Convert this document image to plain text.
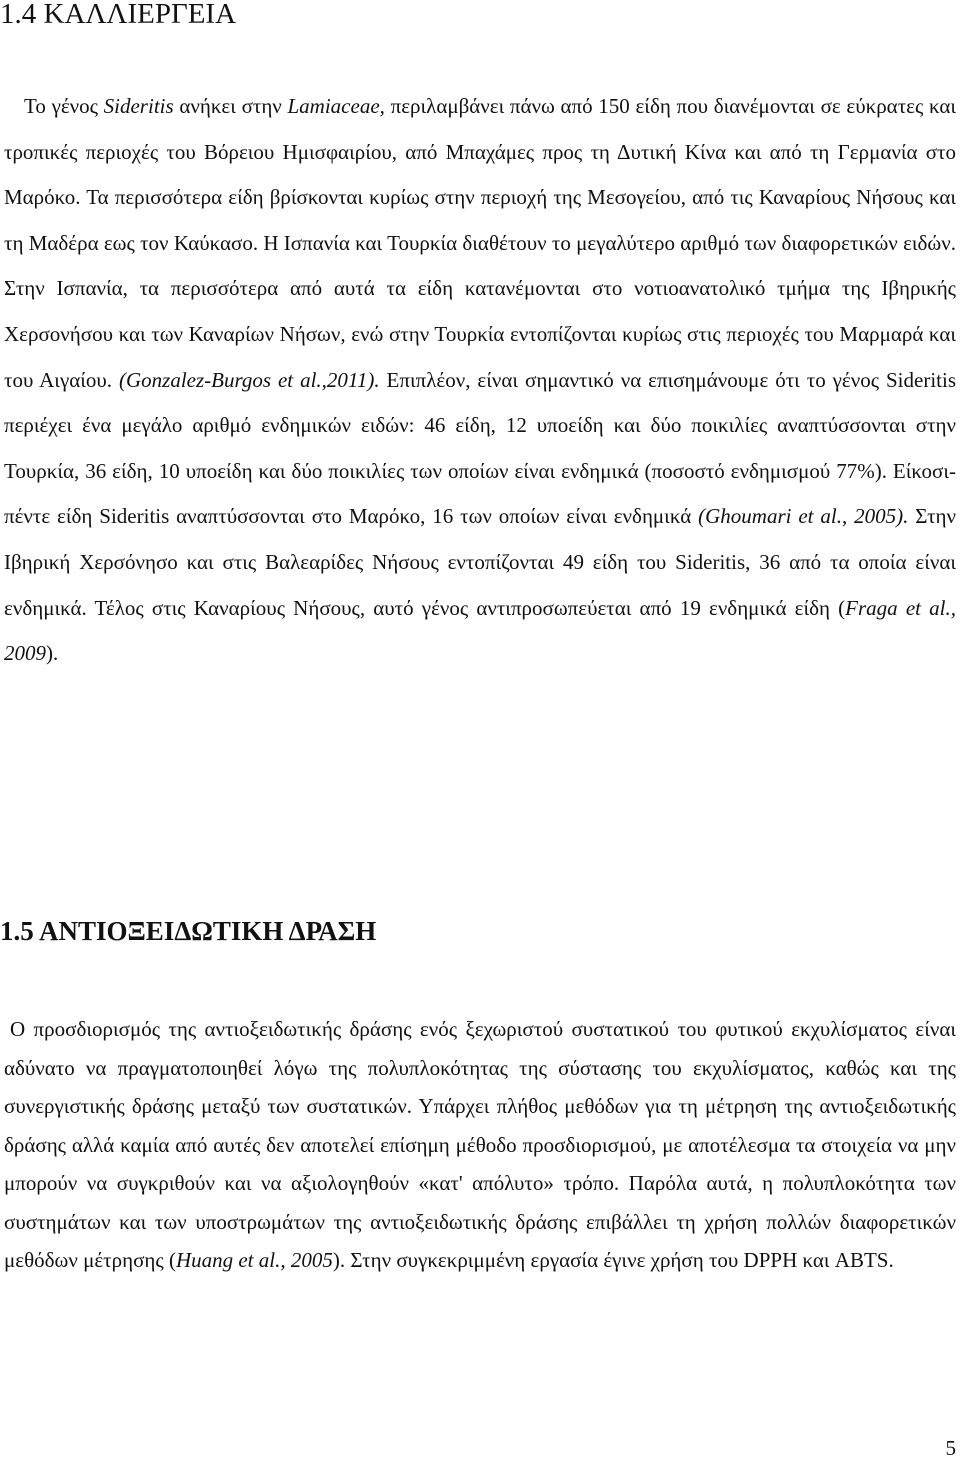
1.4 ΚΑΛΛΙΕΡΓΕΙΑ

Το γένος Sideritis ανήκει στην Lamiaceae, περιλαμβάνει πάνω από 150 είδη που διανέμονται σε εύκρατες και τροπικές περιοχές του Βόρειου Ημισφαιρίου, από Μπαχάμες προς τη Δυτική Κίνα και από τη Γερμανία στο Μαρόκο. Τα περισσότερα είδη βρίσκονται κυρίως στην περιοχή της Μεσογείου, από τις Καναρίους Νήσους και τη Μαδέρα εως τον Καύκασο. Η Ισπανία και Τουρκία διαθέτουν το μεγαλύτερο αριθμό των διαφορετικών ειδών. Στην Ισπανία, τα περισσότερα από αυτά τα είδη κατανέμονται στο νοτιοανατολικό τμήμα της Ιβηρικής Χερσονήσου και των Καναρίων Νήσων, ενώ στην Τουρκία εντοπίζονται κυρίως στις περιοχές του Μαρμαρά και του Αιγαίου. (Gonzalez-Burgos et al.,2011). Επιπλέον, είναι σημαντικό να επισημάνουμε ότι το γένος Sideritis περιέχει ένα μεγάλο αριθμό ενδημικών ειδών: 46 είδη, 12 υποείδη και δύο ποικιλίες αναπτύσσονται στην Τουρκία, 36 είδη, 10 υποείδη και δύο ποικιλίες των οποίων είναι ενδημικά (ποσοστό ενδημισμού 77%). Είκοσι-πέντε είδη Sideritis αναπτύσσονται στο Μαρόκο, 16 των οποίων είναι ενδημικά (Ghoumari et al., 2005). Στην Ιβηρική Χερσόνησο και στις Βαλεαρίδες Νήσους εντοπίζονται 49 είδη του Sideritis, 36 από τα οποία είναι ενδημικά. Τέλος στις Καναρίους Νήσους, αυτό γένος αντιπροσωπεύεται από 19 ενδημικά είδη (Fraga et al., 2009).

1.5 ΑΝΤΙΟΞΕΙΔΩΤΙΚΗ ΔΡΑΣΗ

Ο προσδιορισμός της αντιοξειδωτικής δράσης ενός ξεχωριστού συστατικού του φυτικού εκχυλίσματος είναι αδύνατο να πραγματοποιηθεί λόγω της πολυπλοκότητας της σύστασης του εκχυλίσματος, καθώς και της συνεργιστικής δράσης μεταξύ των συστατικών. Υπάρχει πλήθος μεθόδων για τη μέτρηση της αντιοξειδωτικής δράσης αλλά καμία από αυτές δεν αποτελεί επίσημη μέθοδο προσδιορισμού, με αποτέλεσμα τα στοιχεία να μην μπορούν να συγκριθούν και να αξιολογηθούν «κατ' απόλυτο» τρόπο. Παρόλα αυτά, η πολυπλοκότητα των συστημάτων και των υποστρωμάτων της αντιοξειδωτικής δράσης επιβάλλει τη χρήση πολλών διαφορετικών μεθόδων μέτρησης (Huang et al., 2005). Στην συγκεκριμμένη εργασία έγινε χρήση του DPPH και ABTS.

5
